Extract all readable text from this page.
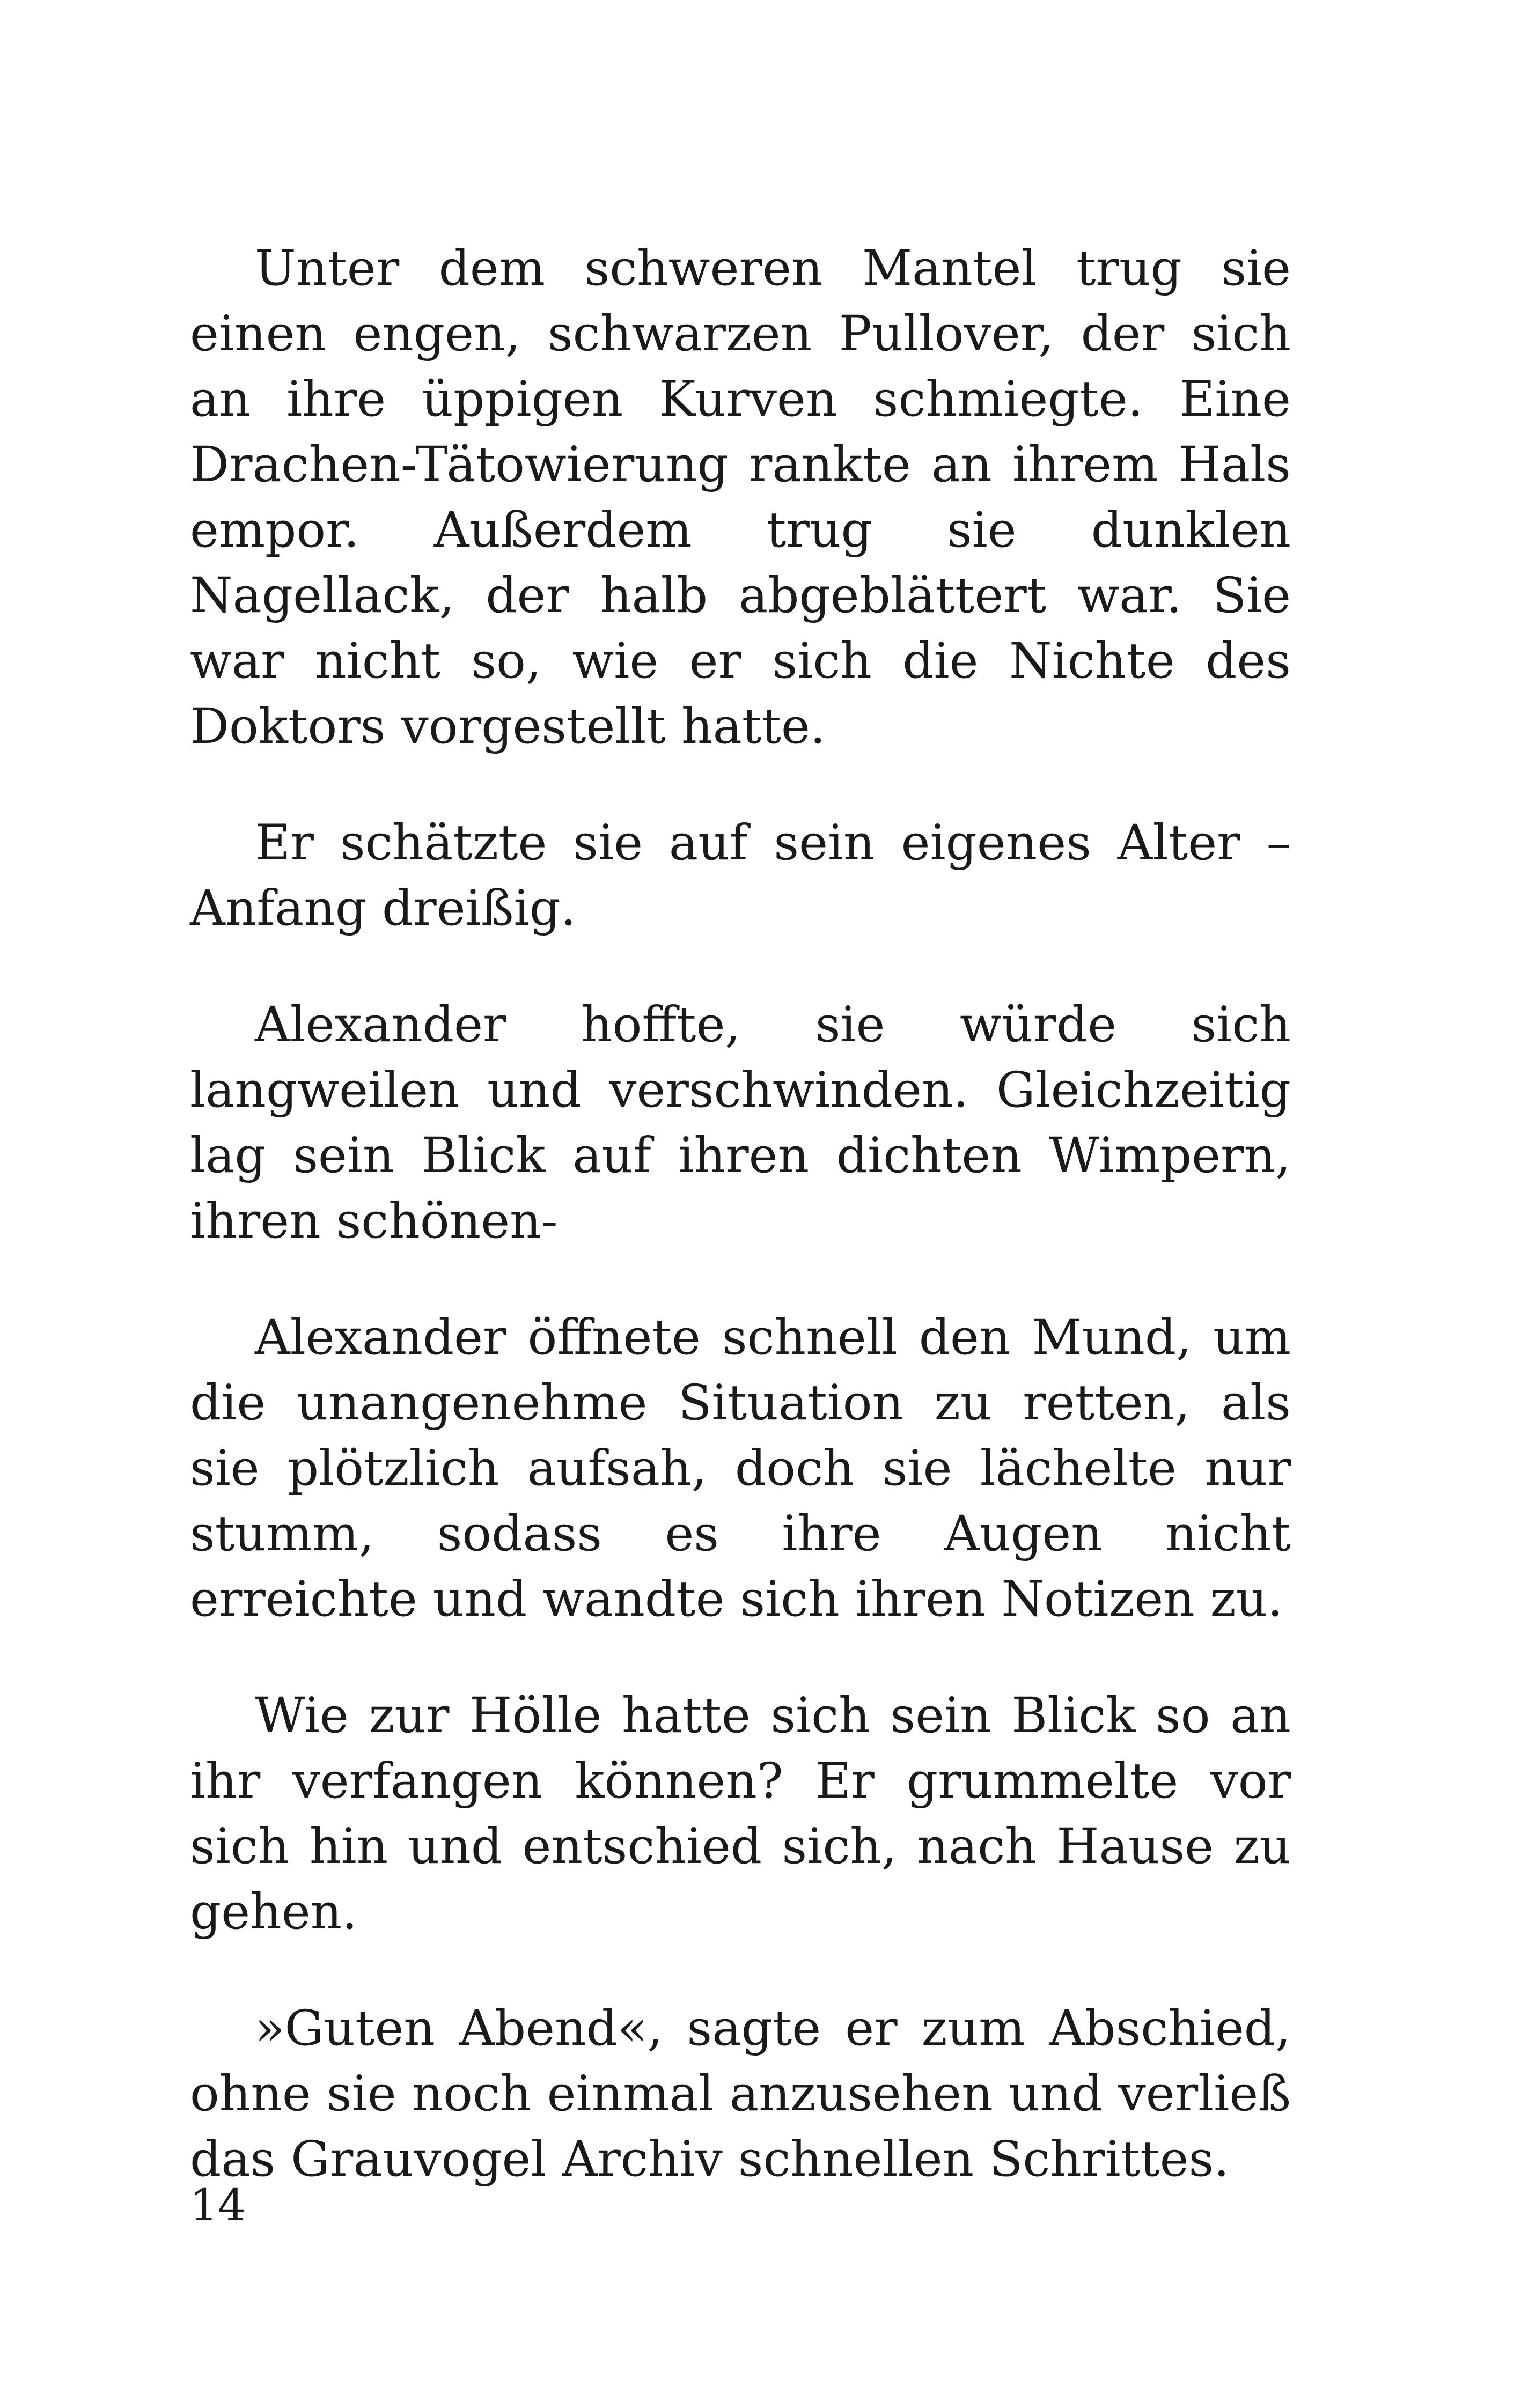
Unter dem schweren Mantel trug sie einen engen, schwarzen Pullover, der sich an ihre üppigen Kurven schmiegte. Eine Drachen-Tätowierung rankte an ihrem Hals empor. Außerdem trug sie dunklen Nagellack, der halb abgeblättert war. Sie war nicht so, wie er sich die Nichte des Doktors vorgestellt hatte.

Er schätzte sie auf sein eigenes Alter – Anfang dreißig.

Alexander hoffte, sie würde sich langweilen und verschwinden. Gleichzeitig lag sein Blick auf ihren dichten Wimpern, ihren schönen-

Alexander öffnete schnell den Mund, um die unangenehme Situation zu retten, als sie plötzlich aufsah, doch sie lächelte nur stumm, sodass es ihre Augen nicht erreichte und wandte sich ihren Notizen zu.

Wie zur Hölle hatte sich sein Blick so an ihr verfangen können? Er grummelte vor sich hin und entschied sich, nach Hause zu gehen.

»Guten Abend«, sagte er zum Abschied, ohne sie noch einmal anzusehen und verließ das Grauvogel Archiv schnellen Schrittes.

14
